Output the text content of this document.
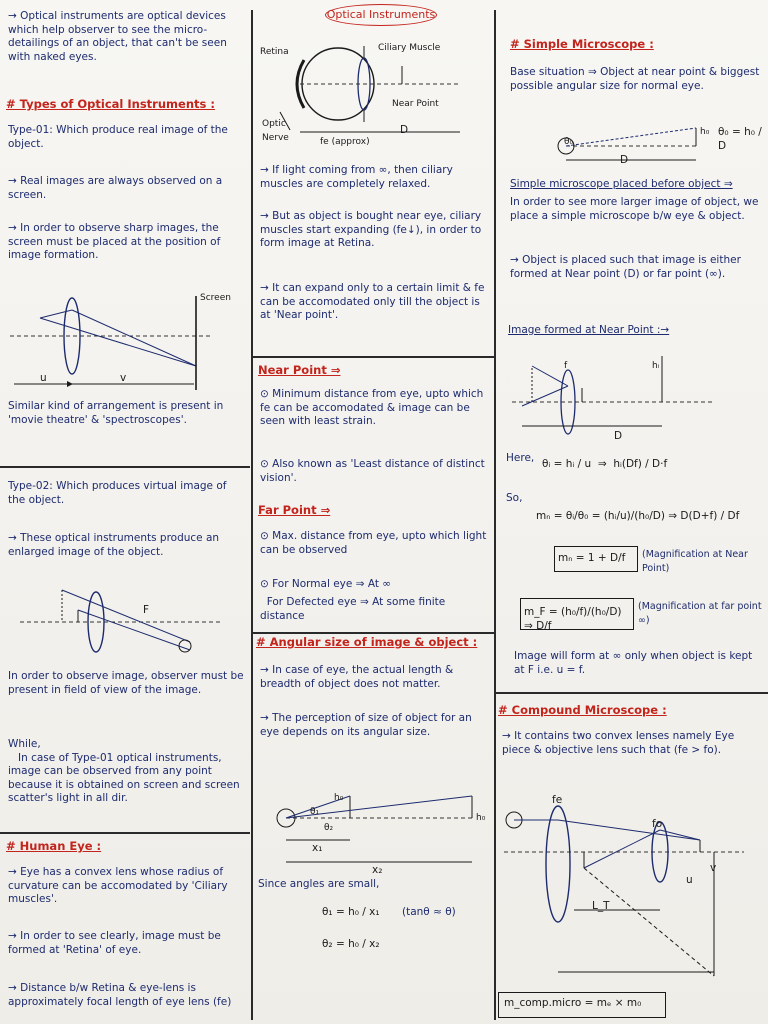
Optical Instruments
→ Optical instruments are optical devices which help observer to see the micro-detailings of an object, that can't be seen with naked eyes.
# Types of Optical Instruments :
Type-01: Which produce real image of the object.
→ Real images are always observed on a screen.
→ In order to observe sharp images, the screen must be placed at the position of image formation.
Screen
u	v
Similar kind of arrangement is present in 'movie theatre' & 'spectroscopes'.
Type-02: Which produces virtual image of the object.
→ These optical instruments produce an enlarged image of the object.
F
In order to observe image, observer must be present in field of view of the image.
While,
In case of Type-01 optical instruments, image can be observed from any point because it is obtained on screen and screen scatter's light in all dir.
# Human Eye :
→ Eye has a convex lens whose radius of curvature can be accomodated by 'Ciliary muscles'.
→ In order to see clearly, image must be formed at 'Retina' of eye.
→ Distance b/w Retina & eye-lens is approximately focal length of eye lens (fe)
Retina	Ciliary Muscle
Near Point
Optic Nerve	fe (approx)
D
→ If light coming from ∞, then ciliary muscles are completely relaxed.
→ But as object is bought near eye, ciliary muscles start expanding (fe↓), in order to form image at Retina.
→ It can expand only to a certain limit & fe can be accomodated only till the object is at 'Near point'.
Near Point ⇒
⊙ Minimum distance from eye, upto which fe can be accomodated & image can be seen with least strain.
⊙ Also known as 'Least distance of distinct vision'.
Far Point ⇒
⊙ Max. distance from eye, upto which light can be observed
⊙ For Normal eye ⇒ At ∞
For Defected eye ⇒ At some finite distance
# Angular size of image & object :
→ In case of eye, the actual length & breadth of object does not matter.
→ The perception of size of object for an eye depends on its angular size.
h₀
h₀
θ₁
θ₂
x₁
x₂
Since angles are small,
θ₁ = h₀ / x₁ (tanθ ≈ θ)
θ₂ = h₀ / x₂
# Simple Microscope :
Base situation ⇒ Object at near point & biggest possible angular size for normal eye.
θ₀
h₀
D
θ₀ = h₀ / D
Simple microscope placed before object ⇒
In order to see more larger image of object, we place a simple microscope b/w eye & object.
→ Object is placed such that image is either formed at Near point (D) or far point (∞).
Image formed at Near Point :→
hᵢ
f
D
Here, θᵢ = hᵢ / u  ⇒  hᵢ(Df) / D·f
So,
mₙ = θᵢ/θ₀ = (hᵢ/u)/(h₀/D) ⇒ D(D+f) / Df
mₙ = 1 + D/f (Magnification at Near Point)
m_F = (h₀/f)/(h₀/D) ⇒ D/f
(Magnification at far point ∞)
Image will form at ∞ only when object is kept at F i.e. u = f.
# Compound Microscope :
→ It contains two convex lenses namely Eye piece & objective lens such that (fe > fo).
fe
fo
L_T
u
v
m_comp.micro = mₑ × m₀
